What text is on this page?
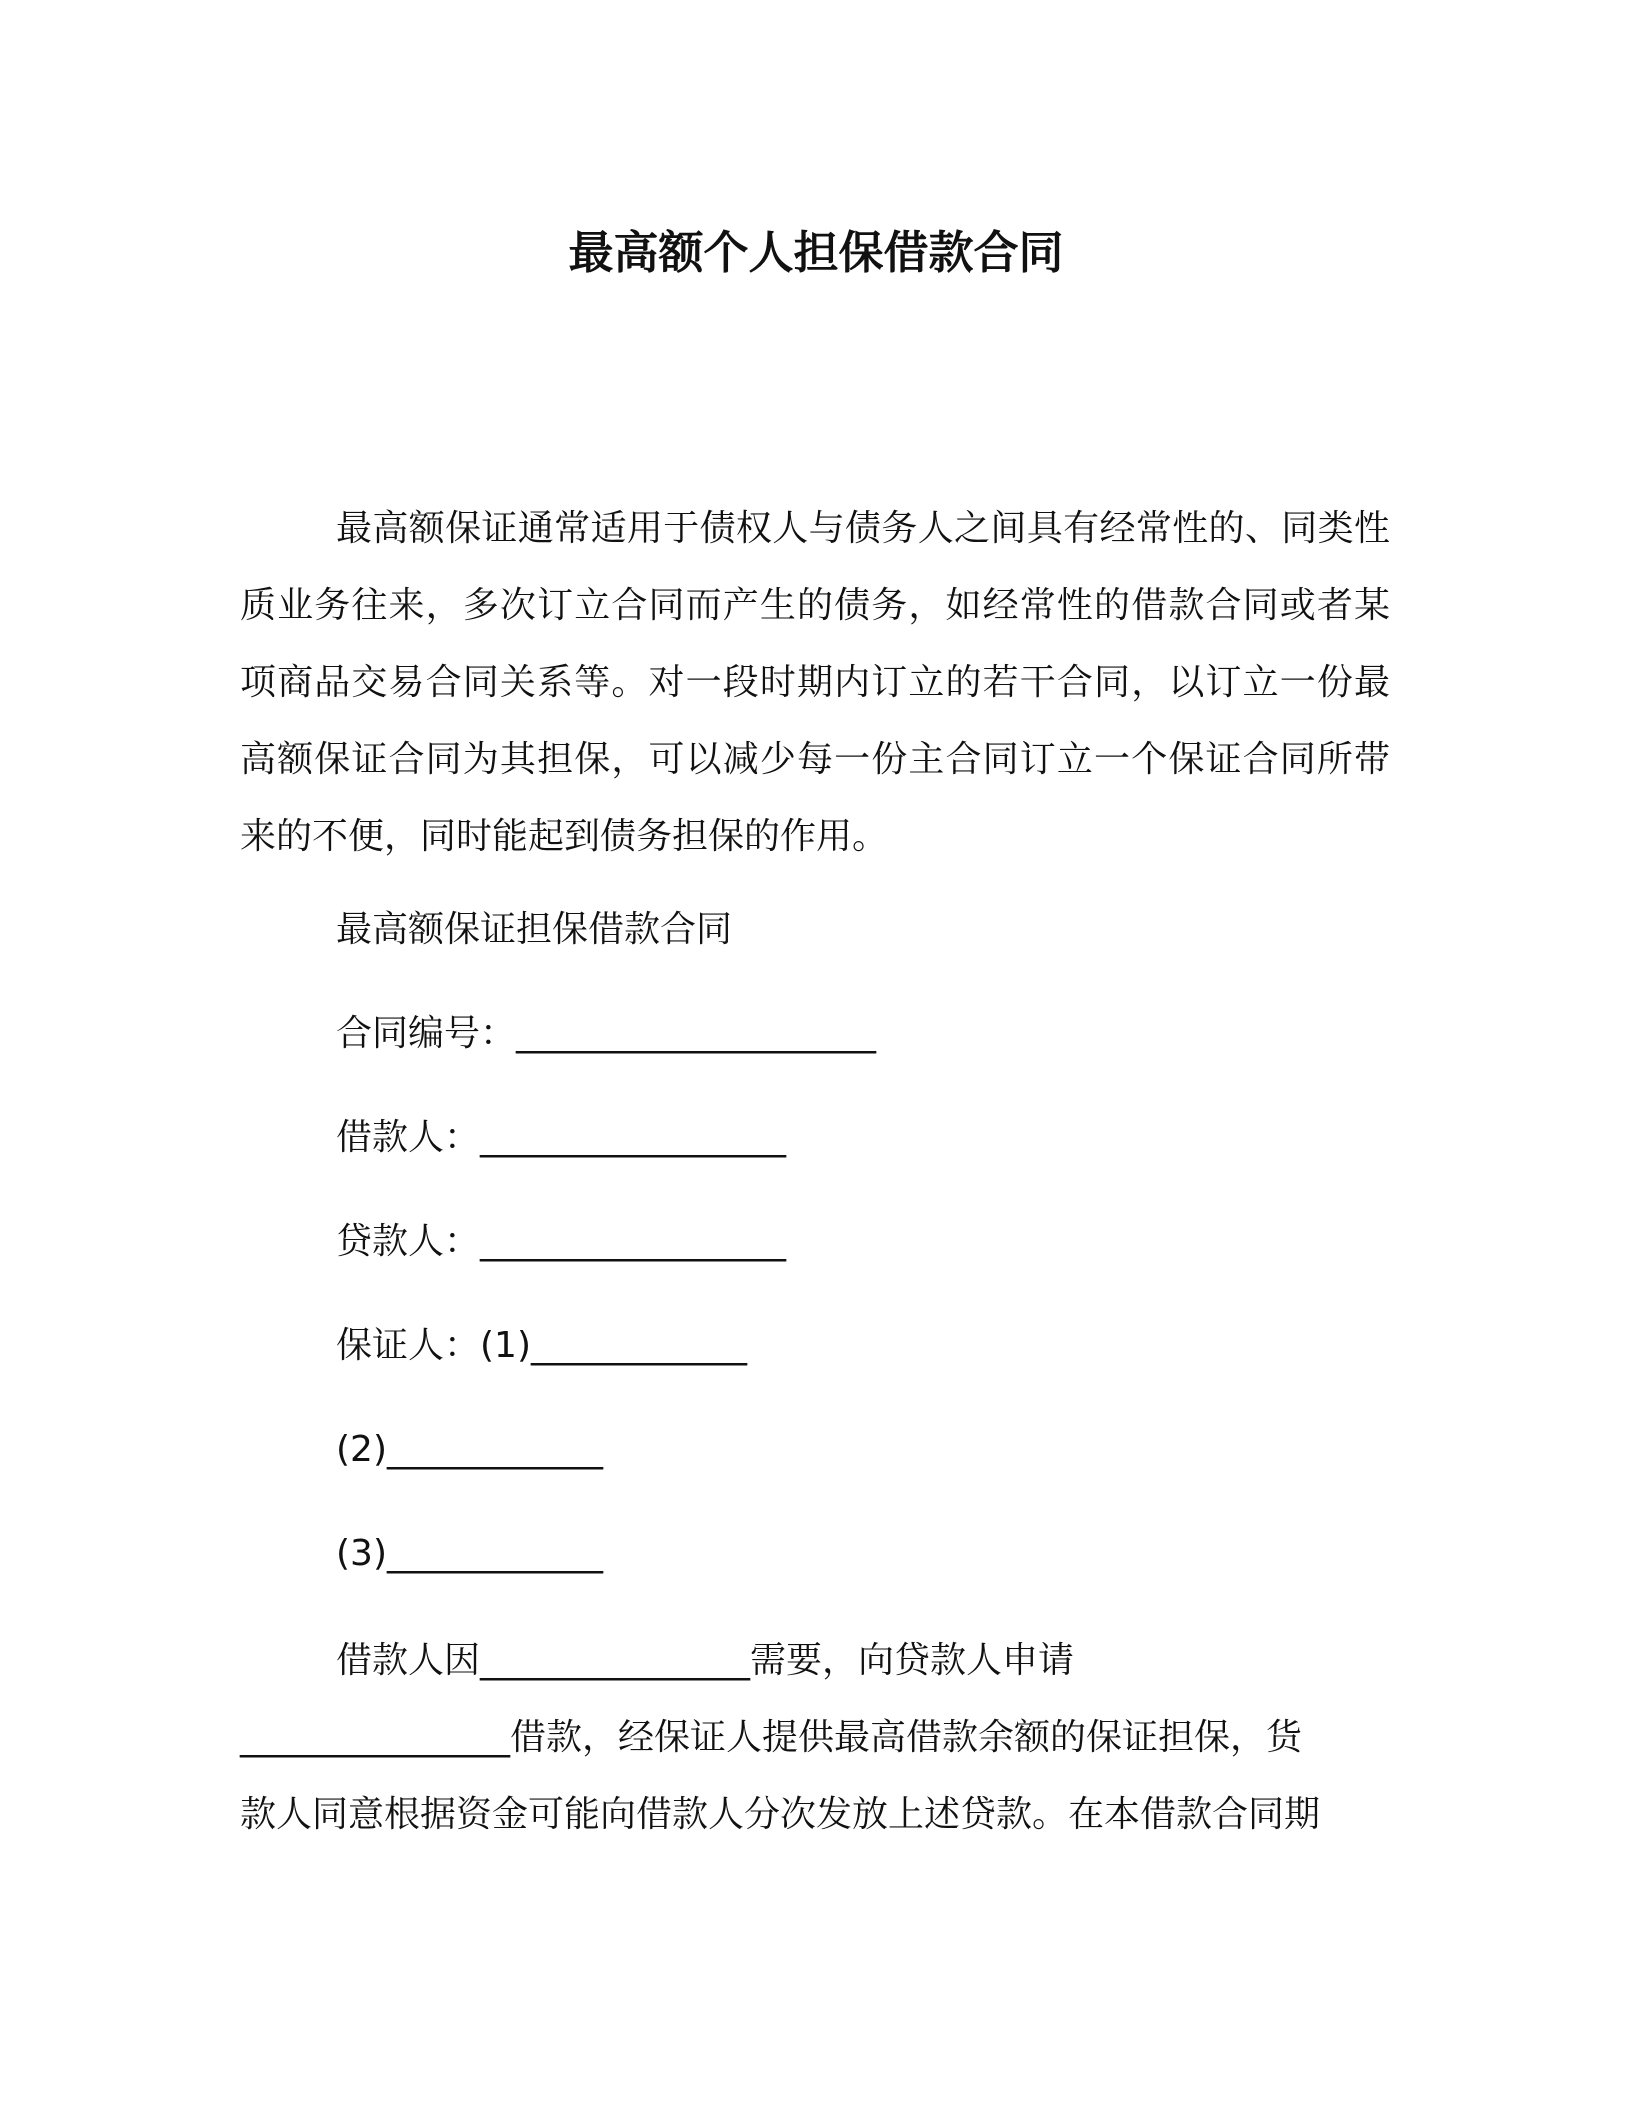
最高额个人担保借款合同

最高额保证通常适用于债权人与债务人之间具有经常性的、同类性质业务往来，多次订立合同而产生的债务，如经常性的借款合同或者某项商品交易合同关系等。对一段时期内订立的若干合同，以订立一份最高额保证合同为其担保，可以减少每一份主合同订立一个保证合同所带来的不便，同时能起到债务担保的作用。

最高额保证担保借款合同

合同编号：____________________

借款人：_________________

贷款人：_________________

保证人：(1)____________

(2)____________

(3)____________

借款人因_______________需要，向贷款人申请
_______________借款，经保证人提供最高借款余额的保证担保，货
款人同意根据资金可能向借款人分次发放上述贷款。在本借款合同期
